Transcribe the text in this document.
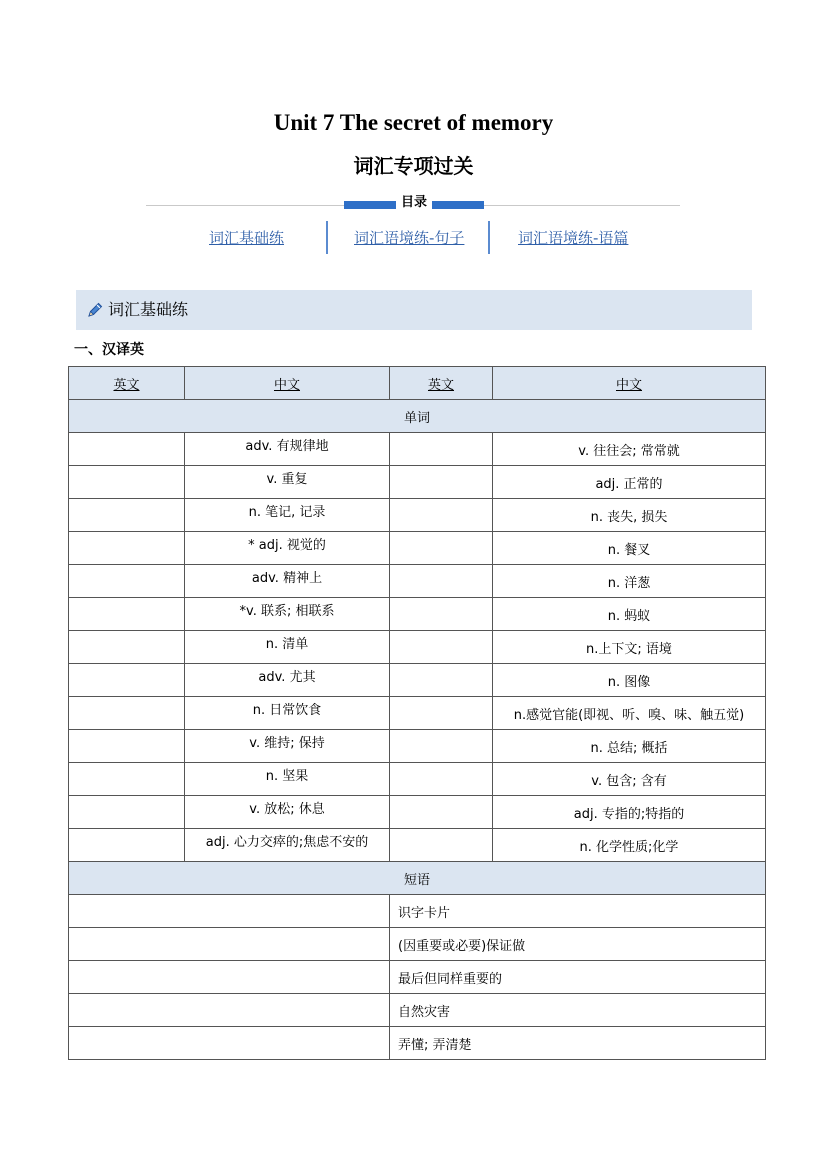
Unit 7 The secret of memory
词汇专项过关
目录
词汇基础练	词汇语境练-句子	词汇语境练-语篇
词汇基础练
一、汉译英
英文	中文	英文	中文
单词			
	adv. 有规律地		v. 往往会; 常常就
	v. 重复		adj. 正常的
	n. 笔记, 记录		n. 丧失, 损失
	* adj. 视觉的		n. 餐叉
	adv. 精神上		n. 洋葱
	*v. 联系; 相联系		n. 蚂蚁
	n. 清单		n.上下文; 语境
	adv. 尤其		n. 图像
	n. 日常饮食		n.感觉官能(即视、听、嗅、味、触五觉)
	v. 维持; 保持		n. 总结; 概括
	n. 坚果		v. 包含; 含有
	v. 放松; 休息		adj. 专指的;特指的
	adj. 心力交瘁的;焦虑不安的		n. 化学性质;化学
短语			
		识字卡片	
		(因重要或必要)保证做	
		最后但同样重要的	
		自然灾害	
		弄懂; 弄清楚	
